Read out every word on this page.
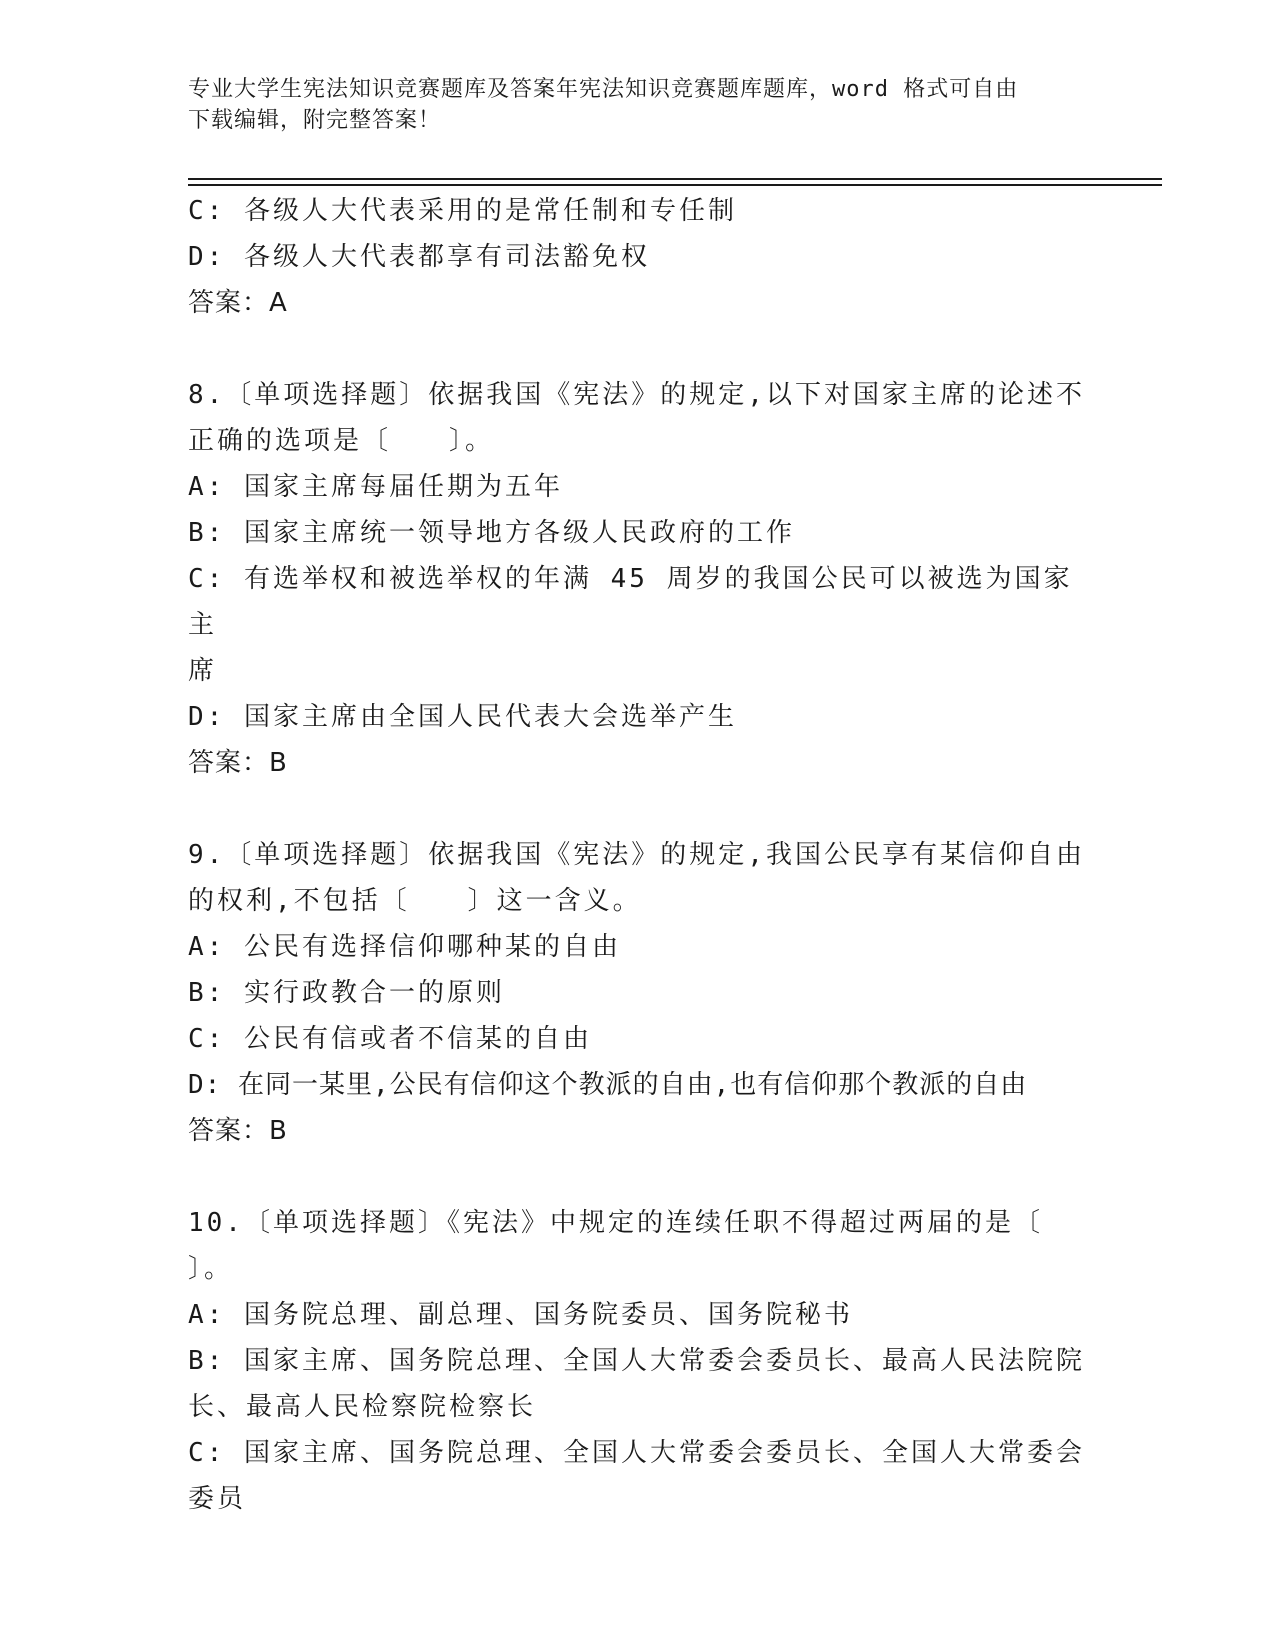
专业大学生宪法知识竞赛题库及答案年宪法知识竞赛题库题库，word 格式可自由
下载编辑，附完整答案！
C: 各级人大代表采用的是常任制和专任制
D: 各级人大代表都享有司法豁免权
答案：A
8.〔单项选择题〕依据我国《宪法》的规定,以下对国家主席的论述不
正确的选项是〔　　〕。
A: 国家主席每届任期为五年
B: 国家主席统一领导地方各级人民政府的工作
C: 有选举权和被选举权的年满 45 周岁的我国公民可以被选为国家主
席
D: 国家主席由全国人民代表大会选举产生
答案：B
9.〔单项选择题〕依据我国《宪法》的规定,我国公民享有某信仰自由
的权利,不包括〔　　〕这一含义。
A: 公民有选择信仰哪种某的自由
B: 实行政教合一的原则
C: 公民有信或者不信某的自由
D: 在同一某里,公民有信仰这个教派的自由,也有信仰那个教派的自由
答案：B
10.〔单项选择题〕《宪法》中规定的连续任职不得超过两届的是〔
〕。
A: 国务院总理、副总理、国务院委员、国务院秘书
B: 国家主席、国务院总理、全国人大常委会委员长、最高人民法院院
长、最高人民检察院检察长
C: 国家主席、国务院总理、全国人大常委会委员长、全国人大常委会
委员
